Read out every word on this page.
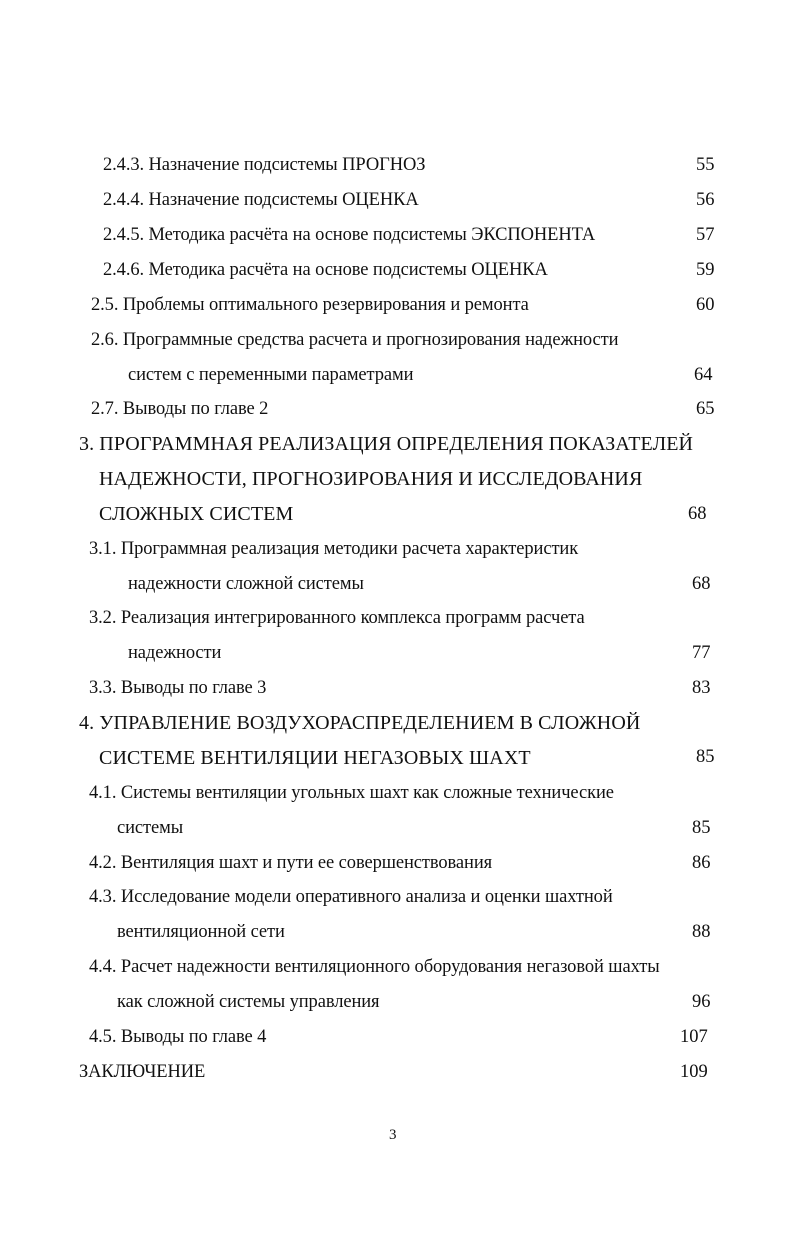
2.4.3. Назначение подсистемы ПРОГНОЗ	55
2.4.4. Назначение подсистемы ОЦЕНКА	56
2.4.5. Методика расчёта на основе подсистемы ЭКСПОНЕНТА	57
2.4.6. Методика расчёта на основе подсистемы ОЦЕНКА	59
2.5. Проблемы оптимального резервирования и ремонта	60
2.6. Программные средства расчета и прогнозирования надежности
систем с переменными параметрами	64
2.7. Выводы по главе 2	65
3. ПРОГРАММНАЯ РЕАЛИЗАЦИЯ ОПРЕДЕЛЕНИЯ ПОКАЗАТЕЛЕЙ
НАДЕЖНОСТИ, ПРОГНОЗИРОВАНИЯ И ИССЛЕДОВАНИЯ
СЛОЖНЫХ СИСТЕМ	68
3.1. Программная реализация методики расчета характеристик
надежности сложной системы	68
3.2. Реализация интегрированного комплекса программ расчета
надежности	77
3.3. Выводы по главе 3	83
4. УПРАВЛЕНИЕ ВОЗДУХОРАСПРЕДЕЛЕНИЕМ В СЛОЖНОЙ
СИСТЕМЕ ВЕНТИЛЯЦИИ НЕГАЗОВЫХ ШАХТ	85
4.1. Системы вентиляции угольных шахт как сложные технические
системы	85
4.2. Вентиляция шахт и пути ее совершенствования	86
4.3. Исследование модели оперативного анализа и оценки шахтной
вентиляционной сети	88
4.4. Расчет надежности вентиляционного оборудования негазовой шахты
как сложной системы управления	96
4.5. Выводы по главе 4	107
ЗАКЛЮЧЕНИЕ	109
3
